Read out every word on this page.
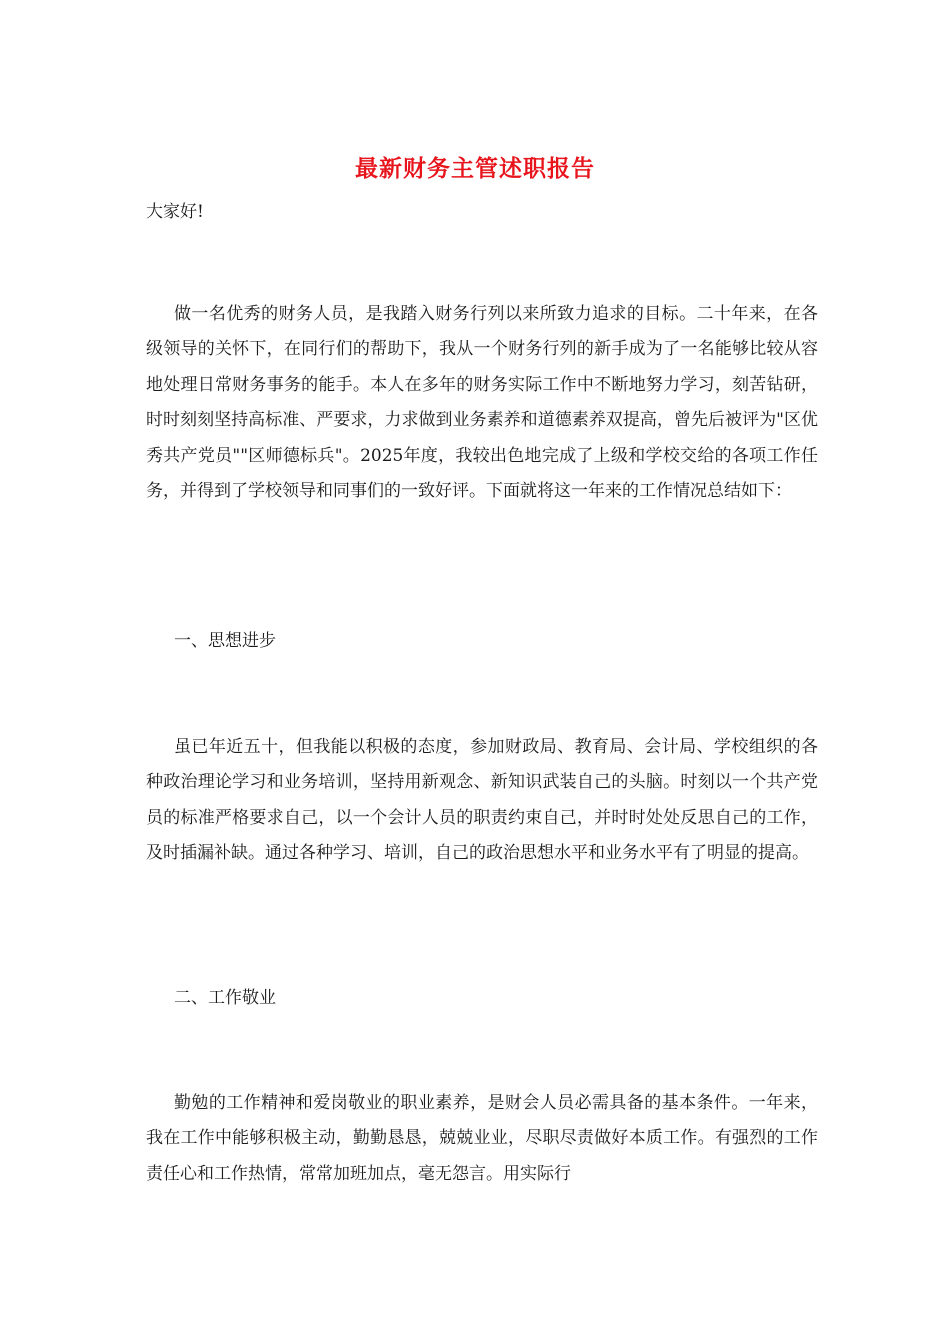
最新财务主管述职报告
大家好!

做一名优秀的财务人员，是我踏入财务行列以来所致力追求的目标。二十年来，在各级领导的关怀下，在同行们的帮助下，我从一个财务行列的新手成为了一名能够比较从容地处理日常财务事务的能手。本人在多年的财务实际工作中不断地努力学习，刻苦钻研，时时刻刻坚持高标准、严要求，力求做到业务素养和道德素养双提高，曾先后被评为"区优秀共产党员""区师德标兵"。2025年度，我较出色地完成了上级和学校交给的各项工作任务，并得到了学校领导和同事们的一致好评。下面就将这一年来的工作情况总结如下：

一、思想进步

虽已年近五十，但我能以积极的态度，参加财政局、教育局、会计局、学校组织的各种政治理论学习和业务培训，坚持用新观念、新知识武装自己的头脑。时刻以一个共产党员的标准严格要求自己，以一个会计人员的职责约束自己，并时时处处反思自己的工作，及时插漏补缺。通过各种学习、培训，自己的政治思想水平和业务水平有了明显的提高。

二、工作敬业

勤勉的工作精神和爱岗敬业的职业素养，是财会人员必需具备的基本条件。一年来，我在工作中能够积极主动，勤勤恳恳，兢兢业业，尽职尽责做好本质工作。有强烈的工作责任心和工作热情，常常加班加点，毫无怨言。用实际行
